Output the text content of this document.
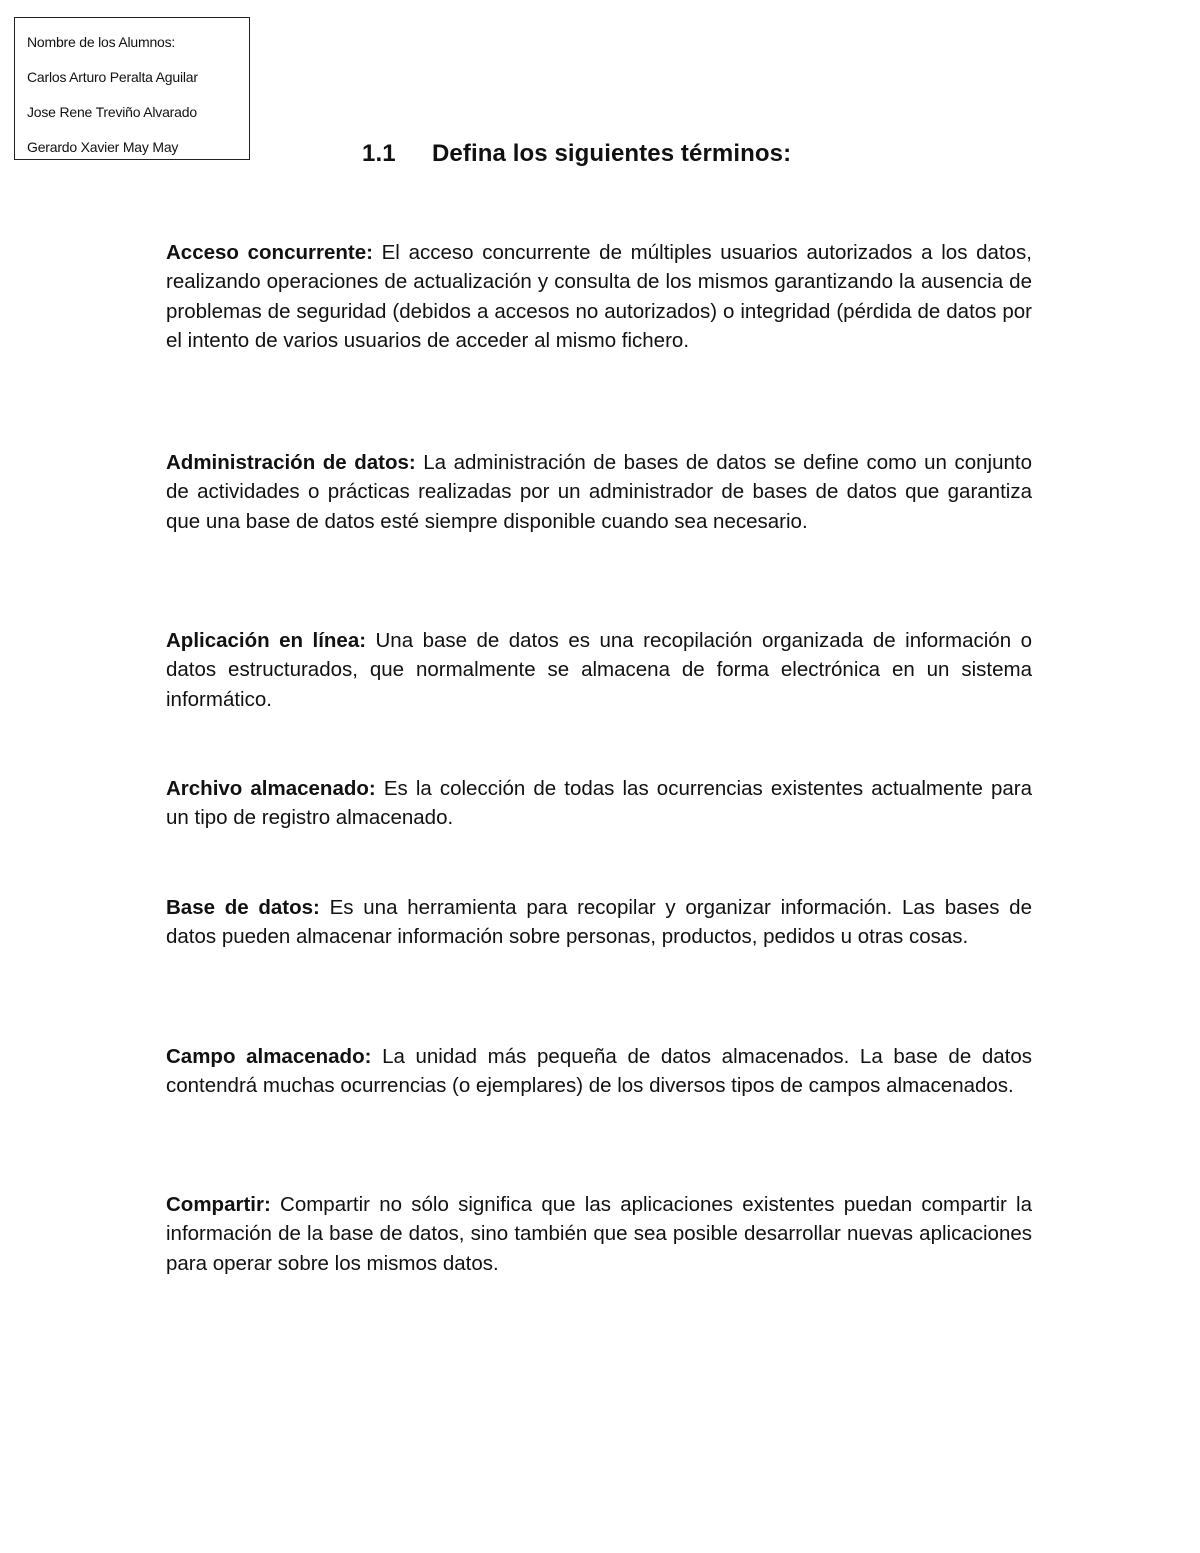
Nombre de los Alumnos:
Carlos Arturo Peralta Aguilar
Jose Rene Treviño Alvarado
Gerardo Xavier May May	1.1 Defina los siguientes términos:

Acceso concurrente: El acceso concurrente de múltiples usuarios autorizados a los datos, realizando operaciones de actualización y consulta de los mismos garantizando la ausencia de problemas de seguridad (debidos a accesos no autorizados) o integridad (pérdida de datos por el intento de varios usuarios de acceder al mismo fichero.

Administración de datos: La administración de bases de datos se define como un conjunto de actividades o prácticas realizadas por un administrador de bases de datos que garantiza que una base de datos esté siempre disponible cuando sea necesario.

Aplicación en línea: Una base de datos es una recopilación organizada de información o datos estructurados, que normalmente se almacena de forma electrónica en un sistema informático.

Archivo almacenado: Es la colección de todas las ocurrencias existentes actualmente para un tipo de registro almacenado.

Base de datos: Es una herramienta para recopilar y organizar información. Las bases de datos pueden almacenar información sobre personas, productos, pedidos u otras cosas.

Campo almacenado: La unidad más pequeña de datos almacenados. La base de datos contendrá muchas ocurrencias (o ejemplares) de los diversos tipos de campos almacenados.

Compartir: Compartir no sólo significa que las aplicaciones existentes puedan compartir la información de la base de datos, sino también que sea posible desarrollar nuevas aplicaciones para operar sobre los mismos datos.
